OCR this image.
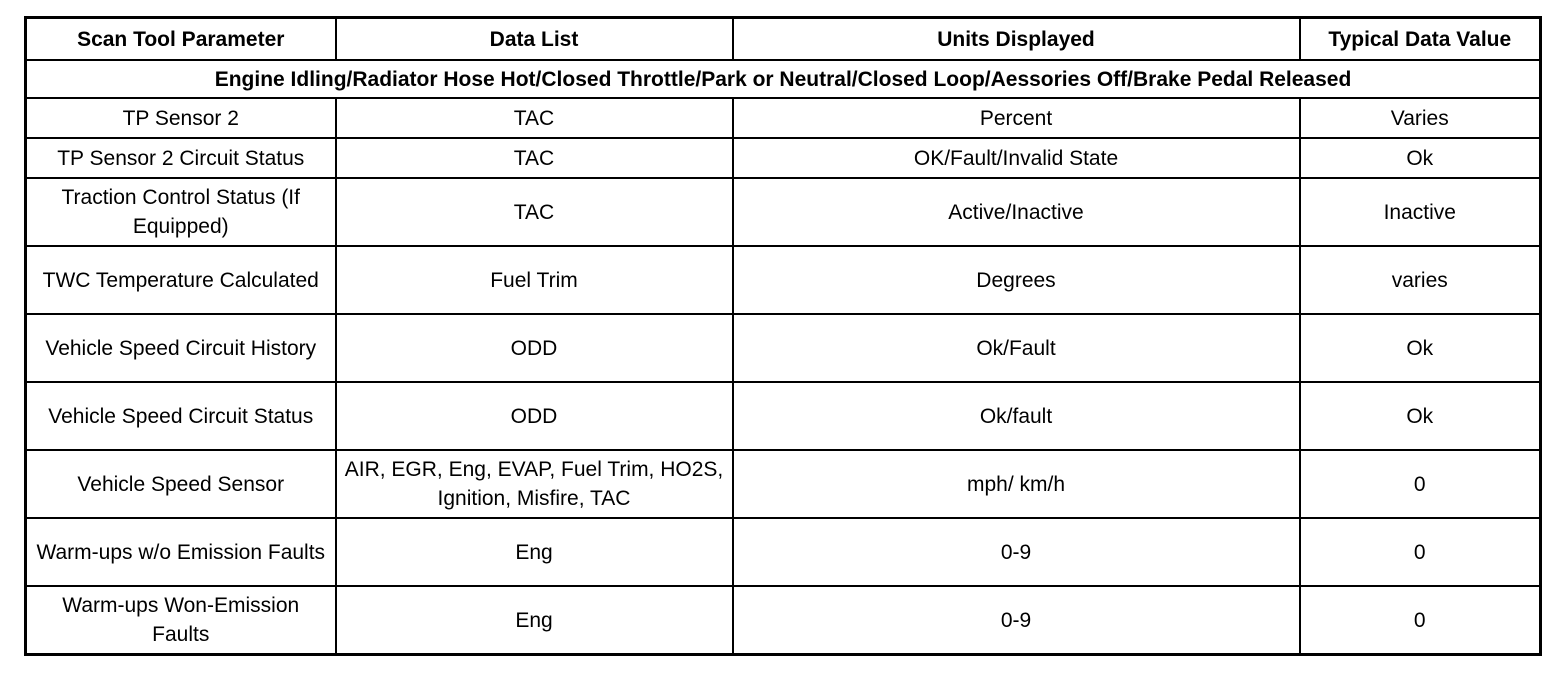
Scan Tool Parameter	Data List	Units Displayed	Typical Data Value
Engine Idling/Radiator Hose Hot/Closed Throttle/Park or Neutral/Closed Loop/Aessories Off/Brake Pedal Released			
TP Sensor 2	TAC	Percent	Varies
TP Sensor 2 Circuit Status	TAC	OK/Fault/Invalid State	Ok
Traction Control Status (If Equipped)	TAC	Active/Inactive	Inactive
TWC Temperature Calculated	Fuel Trim	Degrees	varies
Vehicle Speed Circuit History	ODD	Ok/Fault	Ok
Vehicle Speed Circuit Status	ODD	Ok/fault	Ok
Vehicle Speed Sensor	AIR, EGR, Eng, EVAP, Fuel Trim, HO2S, Ignition, Misfire, TAC	mph/ km/h	0
Warm-ups w/o Emission Faults	Eng	0-9	0
Warm-ups Won-Emission Faults	Eng	0-9	0
